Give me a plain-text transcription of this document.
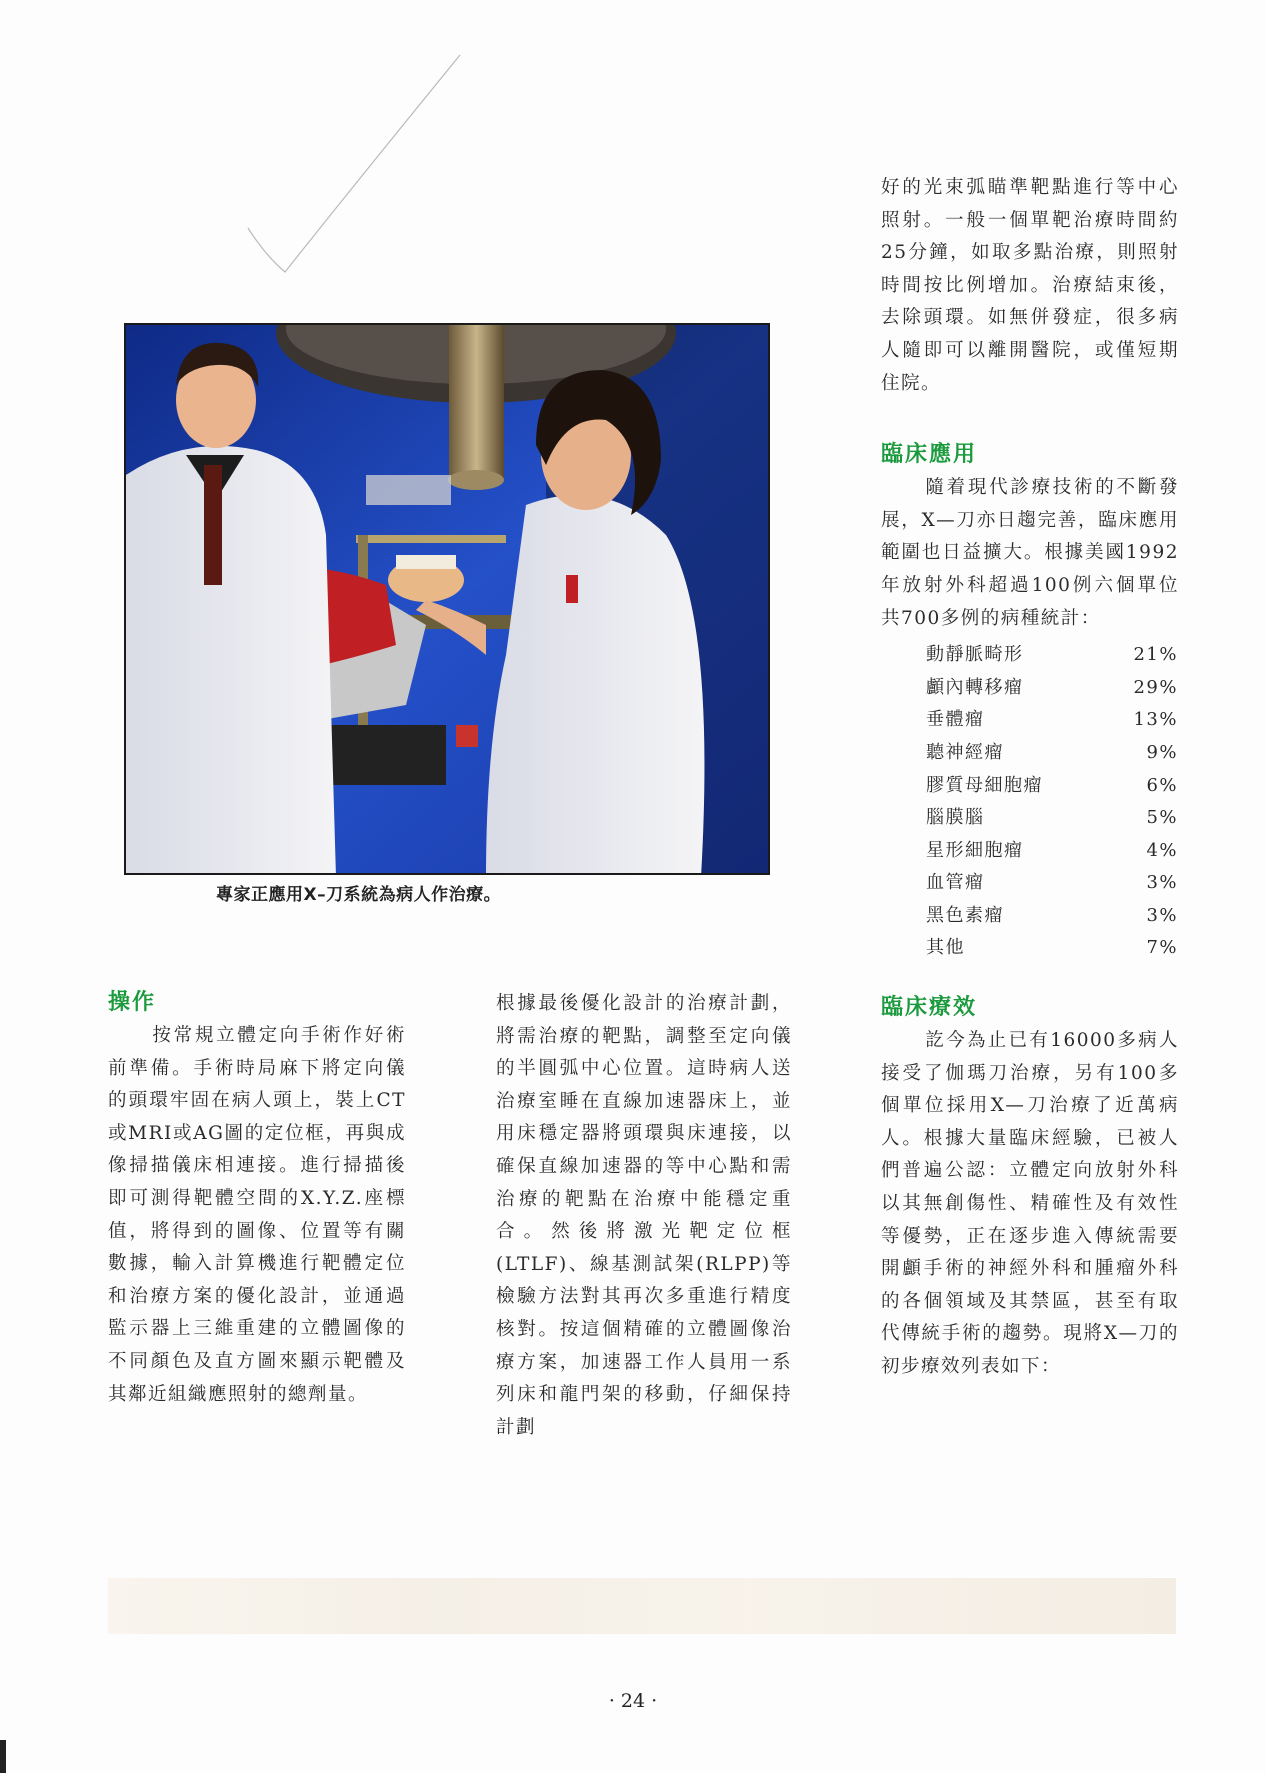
專家正應用X–刀系統為病人作治療。
操作

按常規立體定向手術作好術前準備。手術時局麻下將定向儀的頭環牢固在病人頭上，裝上CT或MRI或AG圖的定位框，再與成像掃描儀床相連接。進行掃描後即可測得靶體空間的X.Y.Z.座標值，將得到的圖像、位置等有關數據，輸入計算機進行靶體定位和治療方案的優化設計，並通過監示器上三維重建的立體圖像的不同顏色及直方圖來顯示靶體及其鄰近組織應照射的總劑量。

根據最後優化設計的治療計劃，將需治療的靶點，調整至定向儀的半圓弧中心位置。這時病人送治療室睡在直線加速器床上，並用床穩定器將頭環與床連接，以確保直線加速器的等中心點和需治療的靶點在治療中能穩定重合。然後將激光靶定位框(LTLF)、線基測試架(RLPP)等檢驗方法對其再次多重進行精度核對。按這個精確的立體圖像治療方案，加速器工作人員用一系列床和龍門架的移動，仔細保持計劃

好的光束弧瞄準靶點進行等中心照射。一般一個單靶治療時間約25分鐘，如取多點治療，則照射時間按比例增加。治療結束後，去除頭環。如無併發症，很多病人隨即可以離開醫院，或僅短期住院。

臨床應用

隨着現代診療技術的不斷發展，X—刀亦日趨完善，臨床應用範圍也日益擴大。根據美國1992年放射外科超過100例六個單位共700多例的病種統計：

動靜脈畸形	21%
顱內轉移瘤	29%
垂體瘤	13%
聽神經瘤	9%
膠質母細胞瘤	6%
腦膜腦	5%
星形細胞瘤	4%
血管瘤	3%
黑色素瘤	3%
其他	7%
臨床療效

訖今為止已有16000多病人接受了伽瑪刀治療，另有100多個單位採用X—刀治療了近萬病人。根據大量臨床經驗，已被人們普遍公認：立體定向放射外科以其無創傷性、精確性及有效性等優勢，正在逐步進入傳統需要開顱手術的神經外科和腫瘤外科的各個領域及其禁區，甚至有取代傳統手術的趨勢。現將X—刀的初步療效列表如下：

· 24 ·
